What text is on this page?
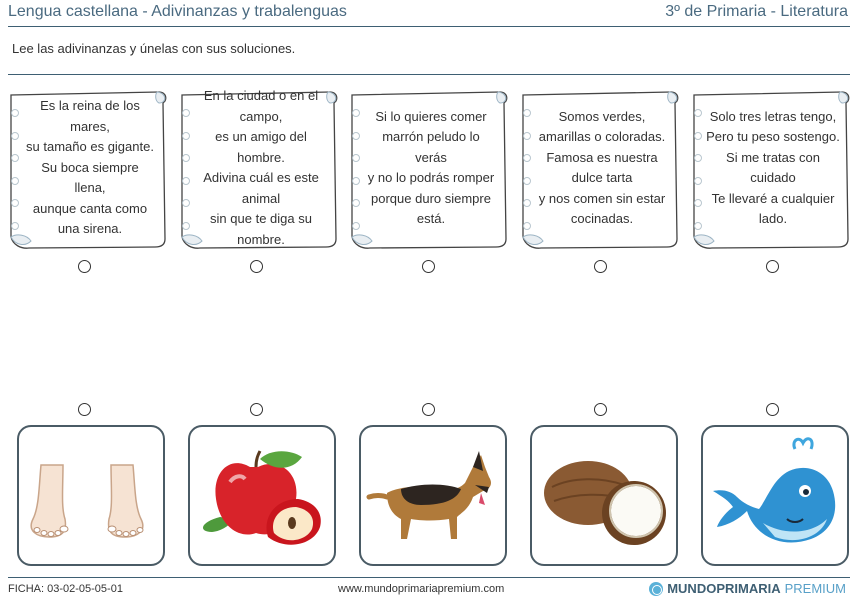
Lengua castellana - Adivinanzas y trabalenguas	3º de Primaria - Literatura
Lee las adivinanzas y únelas con sus soluciones.
Es la reina de los
mares,
su tamaño es gigante.
Su boca siempre
llena,
aunque canta como
una sirena.
En la ciudad o en el
campo,
es un amigo del
hombre.
Adivina cuál es este
animal
sin que te diga su
nombre.
Si lo quieres comer
marrón peludo lo
verás
y no lo podrás romper
porque duro siempre
está.
Somos verdes,
amarillas o coloradas.
Famosa es nuestra
dulce tarta
y nos comen sin estar
cocinadas.
Solo tres letras tengo,
Pero tu peso sostengo.
Si me tratas con
cuidado
Te llevaré a cualquier
lado.
FICHA: 03-02-05-05-01	www.mundoprimariapremium.com	MUNDOPRIMARIA PREMIUM
